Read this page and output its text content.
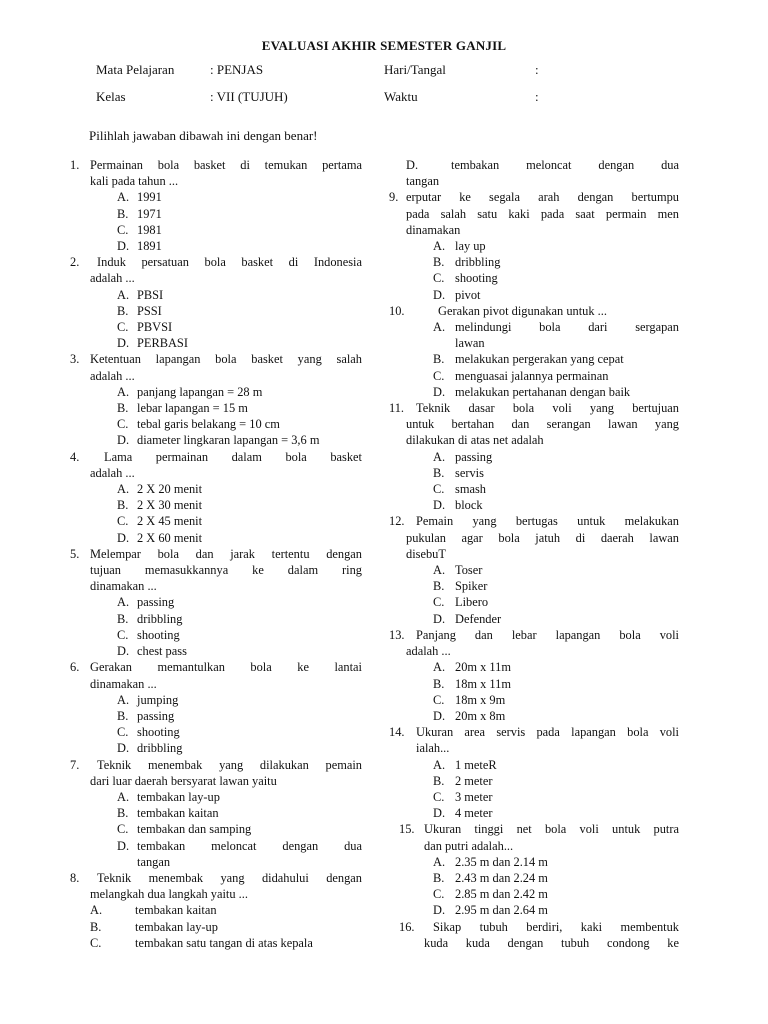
EVALUASI AKHIR SEMESTER GANJIL
Mata Pelajaran	: PENJAS	Hari/Tangal	:
Kelas	: VII (TUJUH)	Waktu	:
Pilihlah jawaban dibawah ini dengan benar!
1. Permainan bola basket di temukan pertama
kali pada tahun ...
A. 1991
B. 1971
C. 1981
D. 1891
2.	Induk persatuan bola basket di Indonesia
adalah ...
A. PBSI
B. PSSI
C. PBVSI
D. PERBASI
3. Ketentuan lapangan bola basket yang salah
adalah ...
A. panjang lapangan = 28 m
B. lebar lapangan = 15 m
C. tebal garis belakang = 10 cm
D. diameter lingkaran lapangan = 3,6 m
4.	Lama permainan dalam bola basket
adalah ...
A. 2 X 20 menit
B. 2 X 30 menit
C. 2 X 45 menit
D. 2 X 60 menit
5. Melempar bola dan jarak tertentu dengan
tujuan memasukkannya ke dalam ring
dinamakan ...
A. passing
B. dribbling
C. shooting
D. chest pass
6. Gerakan memantulkan bola ke lantai
dinamakan ...
A. jumping
B. passing
C. shooting
D. dribbling
7.	Teknik menembak yang dilakukan pemain
dari luar daerah bersyarat lawan yaitu
A. tembakan lay-up
B. tembakan kaitan
C. tembakan dan samping
D. tembakan meloncat dengan dua
tangan
8.	Teknik menembak yang didahului dengan
melangkah dua langkah yaitu ...
A.	tembakan kaitan
B.	tembakan lay-up
C.	tembakan satu tangan di atas kepala
D.	tembakan meloncat dengan dua
tangan
9. erputar ke segala arah dengan bertumpu
pada salah satu kaki pada saat permain men
dinamakan
A. lay up
B. dribbling
C. shooting
D. pivot
10.	Gerakan pivot digunakan untuk ...
A. melindungi bola dari sergapan
lawan
B. melakukan pergerakan yang cepat
C. menguasai jalannya permainan
D. melakukan pertahanan dengan baik
11. Teknik dasar bola voli yang bertujuan
untuk bertahan dan serangan lawan yang
dilakukan di atas net adalah
A. passing
B. servis
C. smash
D. block
12. Pemain yang bertugas untuk melakukan
pukulan agar bola jatuh di daerah lawan
disebuT
A. Toser
B. Spiker
C. Libero
D. Defender
13. Panjang dan lebar lapangan bola voli
adalah ...
A. 20m x 11m
B. 18m x 11m
C. 18m x 9m
D. 20m x 8m
14. Ukuran area servis pada lapangan bola voli
ialah...
A. 1 meteR
B. 2 meter
C. 3 meter
D. 4 meter
15. Ukuran tinggi net bola voli untuk putra
dan putri adalah...
A. 2.35 m dan 2.14 m
B. 2.43 m dan 2.24 m
C. 2.85 m dan 2.42 m
D. 2.95 m dan 2.64 m
16.	Sikap tubuh berdiri, kaki membentuk
kuda kuda dengan tubuh condong ke
